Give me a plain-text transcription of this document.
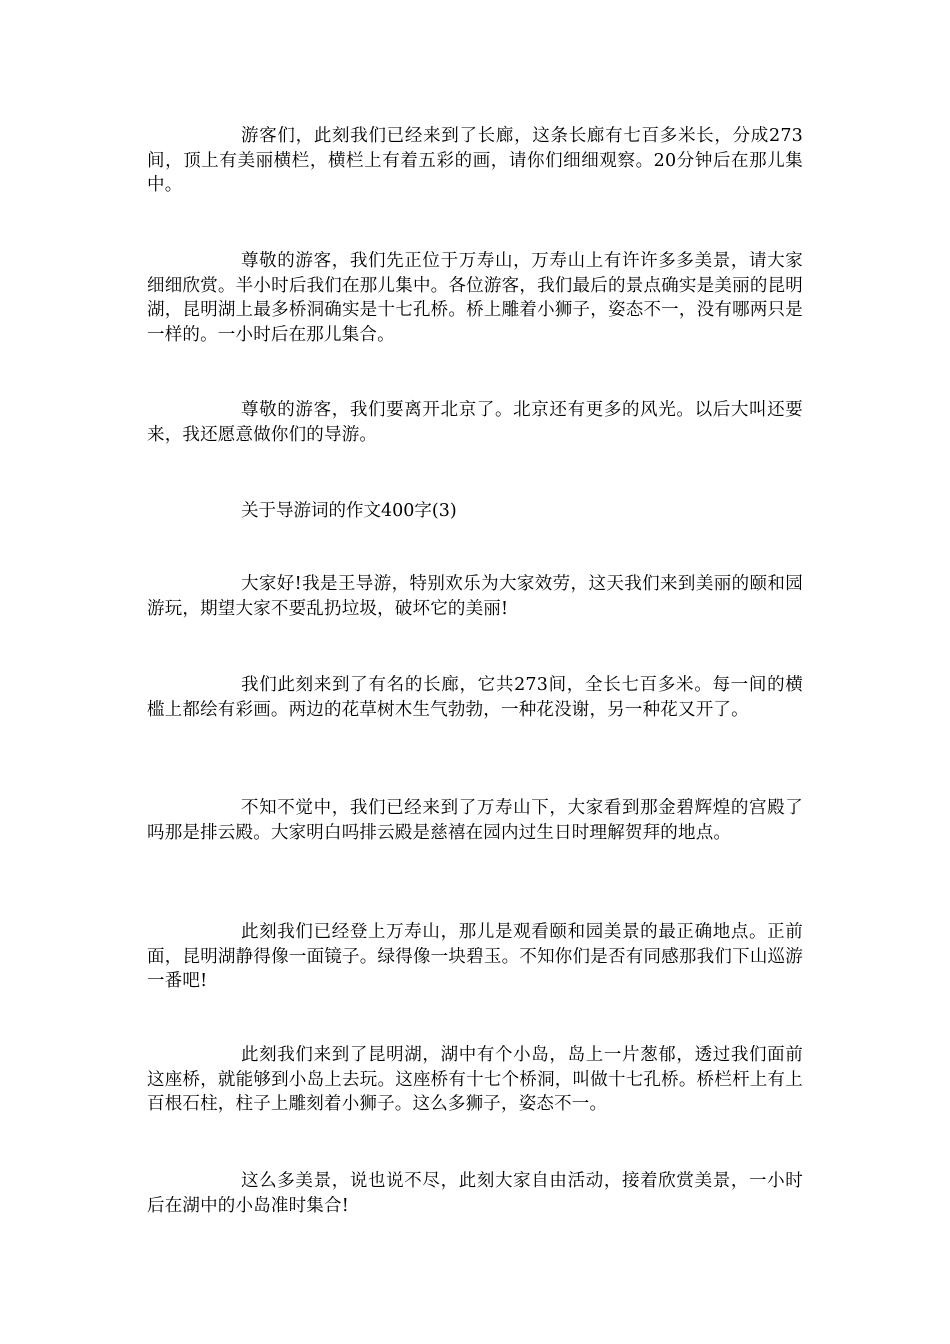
游客们，此刻我们已经来到了长廊，这条长廊有七百多米长，分成273间，顶上有美丽横栏，横栏上有着五彩的画，请你们细细观察。20分钟后在那儿集中。

尊敬的游客，我们先正位于万寿山，万寿山上有许许多多美景，请大家细细欣赏。半小时后我们在那儿集中。各位游客，我们最后的景点确实是美丽的昆明湖，昆明湖上最多桥洞确实是十七孔桥。桥上雕着小狮子，姿态不一，没有哪两只是一样的。一小时后在那儿集合。

尊敬的游客，我们要离开北京了。北京还有更多的风光。以后大叫还要来，我还愿意做你们的导游。

关于导游词的作文400字(3)

大家好!我是王导游，特别欢乐为大家效劳，这天我们来到美丽的颐和园游玩，期望大家不要乱扔垃圾，破坏它的美丽!

我们此刻来到了有名的长廊，它共273间，全长七百多米。每一间的横槛上都绘有彩画。两边的花草树木生气勃勃，一种花没谢，另一种花又开了。

不知不觉中，我们已经来到了万寿山下，大家看到那金碧辉煌的宫殿了吗那是排云殿。大家明白吗排云殿是慈禧在园内过生日时理解贺拜的地点。

此刻我们已经登上万寿山，那儿是观看颐和园美景的最正确地点。正前面，昆明湖静得像一面镜子。绿得像一块碧玉。不知你们是否有同感那我们下山巡游一番吧!

此刻我们来到了昆明湖，湖中有个小岛，岛上一片葱郁，透过我们面前这座桥，就能够到小岛上去玩。这座桥有十七个桥洞，叫做十七孔桥。桥栏杆上有上百根石柱，柱子上雕刻着小狮子。这么多狮子，姿态不一。

这么多美景，说也说不尽，此刻大家自由活动，接着欣赏美景，一小时后在湖中的小岛准时集合!
